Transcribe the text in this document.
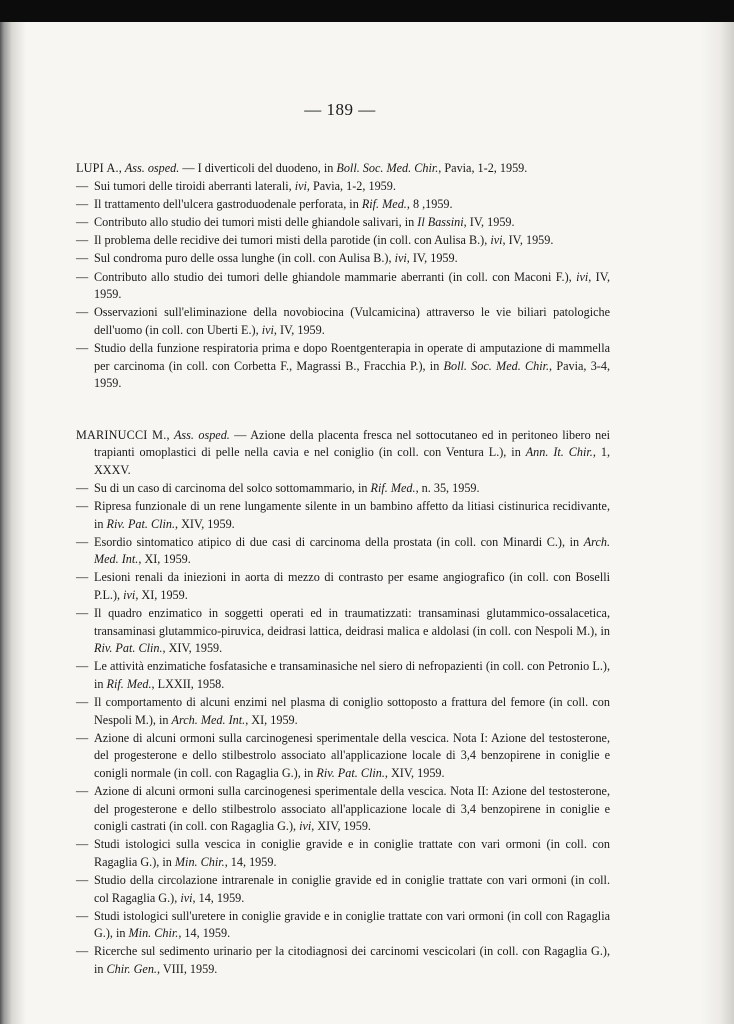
— 189 —

LUPI A., Ass. osped. — I diverticoli del duodeno, in Boll. Soc. Med. Chir., Pavia, 1-2, 1959.

— Sui tumori delle tiroidi aberranti laterali, ivi, Pavia, 1-2, 1959.

— Il trattamento dell'ulcera gastroduodenale perforata, in Rif. Med., 8 ,1959.

— Contributo allo studio dei tumori misti delle ghiandole salivari, in Il Bassini, IV, 1959.

— Il problema delle recidive dei tumori misti della parotide (in coll. con Aulisa B.), ivi, IV, 1959.

— Sul condroma puro delle ossa lunghe (in coll. con Aulisa B.), ivi, IV, 1959.

— Contributo allo studio dei tumori delle ghiandole mammarie aberranti (in coll. con Maconi F.), ivi, IV, 1959.

— Osservazioni sull'eliminazione della novobiocina (Vulcamicina) attraverso le vie biliari patologiche dell'uomo (in coll. con Uberti E.), ivi, IV, 1959.

— Studio della funzione respiratoria prima e dopo Roentgenterapia in operate di amputazione di mammella per carcinoma (in coll. con Corbetta F., Magrassi B., Fracchia P.), in Boll. Soc. Med. Chir., Pavia, 3-4, 1959.

MARINUCCI M., Ass. osped. — Azione della placenta fresca nel sottocutaneo ed in peritoneo libero nei trapianti omoplastici di pelle nella cavia e nel coniglio (in coll. con Ventura L.), in Ann. It. Chir., 1, XXXV.

— Su di un caso di carcinoma del solco sottomammario, in Rif. Med., n. 35, 1959.

— Ripresa funzionale di un rene lungamente silente in un bambino affetto da litiasi cistinurica recidivante, in Riv. Pat. Clin., XIV, 1959.

— Esordio sintomatico atipico di due casi di carcinoma della prostata (in coll. con Minardi C.), in Arch. Med. Int., XI, 1959.

— Lesioni renali da iniezioni in aorta di mezzo di contrasto per esame angiografico (in coll. con Boselli P.L.), ivi, XI, 1959.

— Il quadro enzimatico in soggetti operati ed in traumatizzati: transaminasi glutammico-ossalacetica, transaminasi glutammico-piruvica, deidrasi lattica, deidrasi malica e aldolasi (in coll. con Nespoli M.), in Riv. Pat. Clin., XIV, 1959.

— Le attività enzimatiche fosfatasiche e transaminasiche nel siero di nefropazienti (in coll. con Petronio L.), in Rif. Med., LXXII, 1958.

— Il comportamento di alcuni enzimi nel plasma di coniglio sottoposto a frattura del femore (in coll. con Nespoli M.), in Arch. Med. Int., XI, 1959.

— Azione di alcuni ormoni sulla carcinogenesi sperimentale della vescica. Nota I: Azione del testosterone, del progesterone e dello stilbestrolo associato all'applicazione locale di 3,4 benzopirene in coniglie e conigli normale (in coll. con Ragaglia G.), in Riv. Pat. Clin., XIV, 1959.

— Azione di alcuni ormoni sulla carcinogenesi sperimentale della vescica. Nota II: Azione del testosterone, del progesterone e dello stilbestrolo associato all'applicazione locale di 3,4 benzopirene in coniglie e conigli castrati (in coll. con Ragaglia G.), ivi, XIV, 1959.

— Studi istologici sulla vescica in coniglie gravide e in coniglie trattate con vari ormoni (in coll. con Ragaglia G.), in Min. Chir., 14, 1959.

— Studio della circolazione intrarenale in coniglie gravide ed in coniglie trattate con vari ormoni (in coll. col Ragaglia G.), ivi, 14, 1959.

— Studi istologici sull'uretere in coniglie gravide e in coniglie trattate con vari ormoni (in coll con Ragaglia G.), in Min. Chir., 14, 1959.

— Ricerche sul sedimento urinario per la citodiagnosi dei carcinomi vescicolari (in coll. con Ragaglia G.), in Chir. Gen., VIII, 1959.
